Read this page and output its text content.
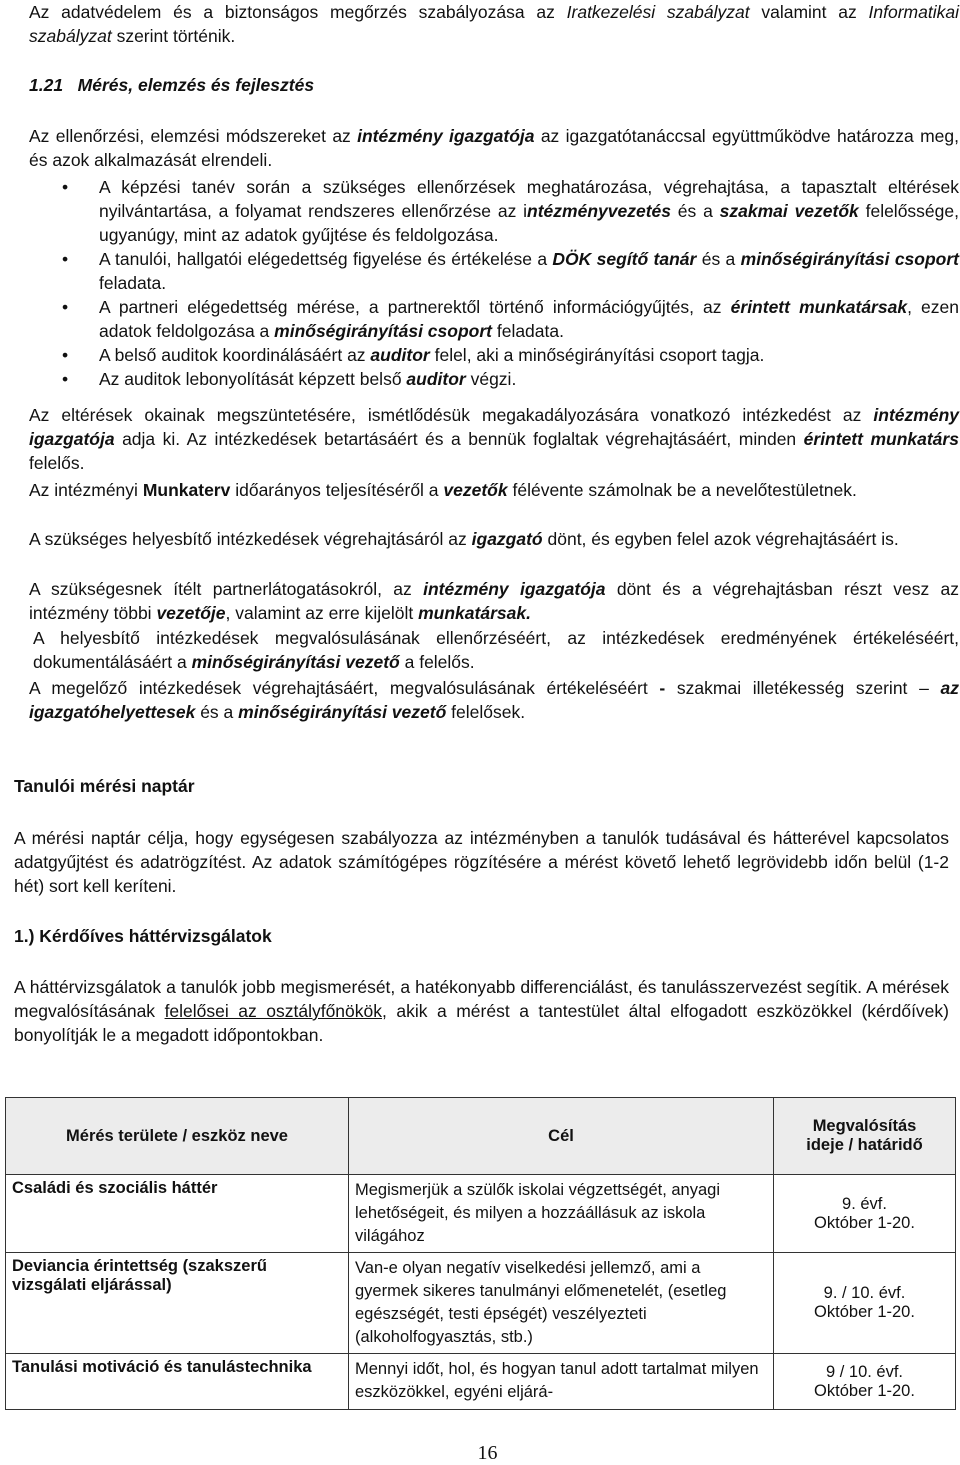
Az adatvédelem és a biztonságos megőrzés szabályozása az Iratkezelési szabályzat valamint az Informatikai szabályzat szerint történik.

1.21 Mérés, elemzés és fejlesztés

Az ellenőrzési, elemzési módszereket az intézmény igazgatója az igazgatótanáccsal együttműködve határozza meg, és azok alkalmazását elrendeli.

• A képzési tanév során a szükséges ellenőrzések meghatározása, végrehajtása, a tapasztalt eltérések nyilvántartása, a folyamat rendszeres ellenőrzése az intézményvezetés és a szakmai vezetők felelőssége, ugyanúgy, mint az adatok gyűjtése és feldolgozása.
• A tanulói, hallgatói elégedettség figyelése és értékelése a DÖK segítő tanár és a minőségirányítási csoport feladata.
• A partneri elégedettség mérése, a partnerektől történő információgyűjtés, az érintett munkatársak, ezen adatok feldolgozása a minőségirányítási csoport feladata.
• A belső auditok koordinálásáért az auditor felel, aki a minőségirányítási csoport tagja.
• Az auditok lebonyolítását képzett belső auditor végzi.

Az eltérések okainak megszüntetésére, ismétlődésük megakadályozására vonatkozó intézkedést az intézmény igazgatója adja ki. Az intézkedések betartásáért és a bennük foglaltak végrehajtásáért, minden érintett munkatárs felelős.

Az intézményi Munkaterv időarányos teljesítéséről a vezetők félévente számolnak be a nevelőtestületnek.

A szükséges helyesbítő intézkedések végrehajtásáról az igazgató dönt, és egyben felel azok végrehajtásáért is.

A szükségesnek ítélt partnerlátogatásokról, az intézmény igazgatója dönt és a végrehajtásban részt vesz az intézmény többi vezetője, valamint az erre kijelölt munkatársak.

A helyesbítő intézkedések megvalósulásának ellenőrzéséért, az intézkedések eredményének értékeléséért, dokumentálásáért a minőségirányítási vezető a felelős.

A megelőző intézkedések végrehajtásáért, megvalósulásának értékeléséért - szakmai illetékesség szerint – az igazgatóhelyettesek és a minőségirányítási vezető felelősek.

Tanulói mérési naptár

A mérési naptár célja, hogy egységesen szabályozza az intézményben a tanulók tudásával és hátterével kapcsolatos adatgyűjtést és adatrögzítést. Az adatok számítógépes rögzítésére a mérést követő lehető legrövidebb időn belül (1-2 hét) sort kell keríteni.

1.) Kérdőíves háttérvizsgálatok

A háttérvizsgálatok a tanulók jobb megismerését, a hatékonyabb differenciálást, és tanulásszervezést segítik. A mérések megvalósításának felelősei az osztályfőnökök, akik a mérést a tantestület által elfogadott eszközökkel (kérdőívek) bonyolítják le a megadott időpontokban.

Mérés területe / eszköz neve	Cél	Megvalósítás ideje / határidő
Családi és szociális háttér	Megismerjük a szülők iskolai végzettségét, anyagi lehetőségeit, és milyen a hozzáállásuk az iskola világához	9. évf.
Október 1-20.

Deviancia érintettség (szakszerű vizsgálati eljárással)	Van-e olyan negatív viselkedési jellemző, ami a gyermek sikeres tanulmányi előmenetelét, (esetleg egészségét, testi épségét) veszélyezteti (alkoholfogyasztás, stb.)	9. / 10. évf.
Október 1-20.

Tanulási motiváció és tanulástechnika	Mennyi időt, hol, és hogyan tanul adott tartalmat milyen eszközökkel, egyéni eljárá-	9 / 10. évf.
Október 1-20.
16
